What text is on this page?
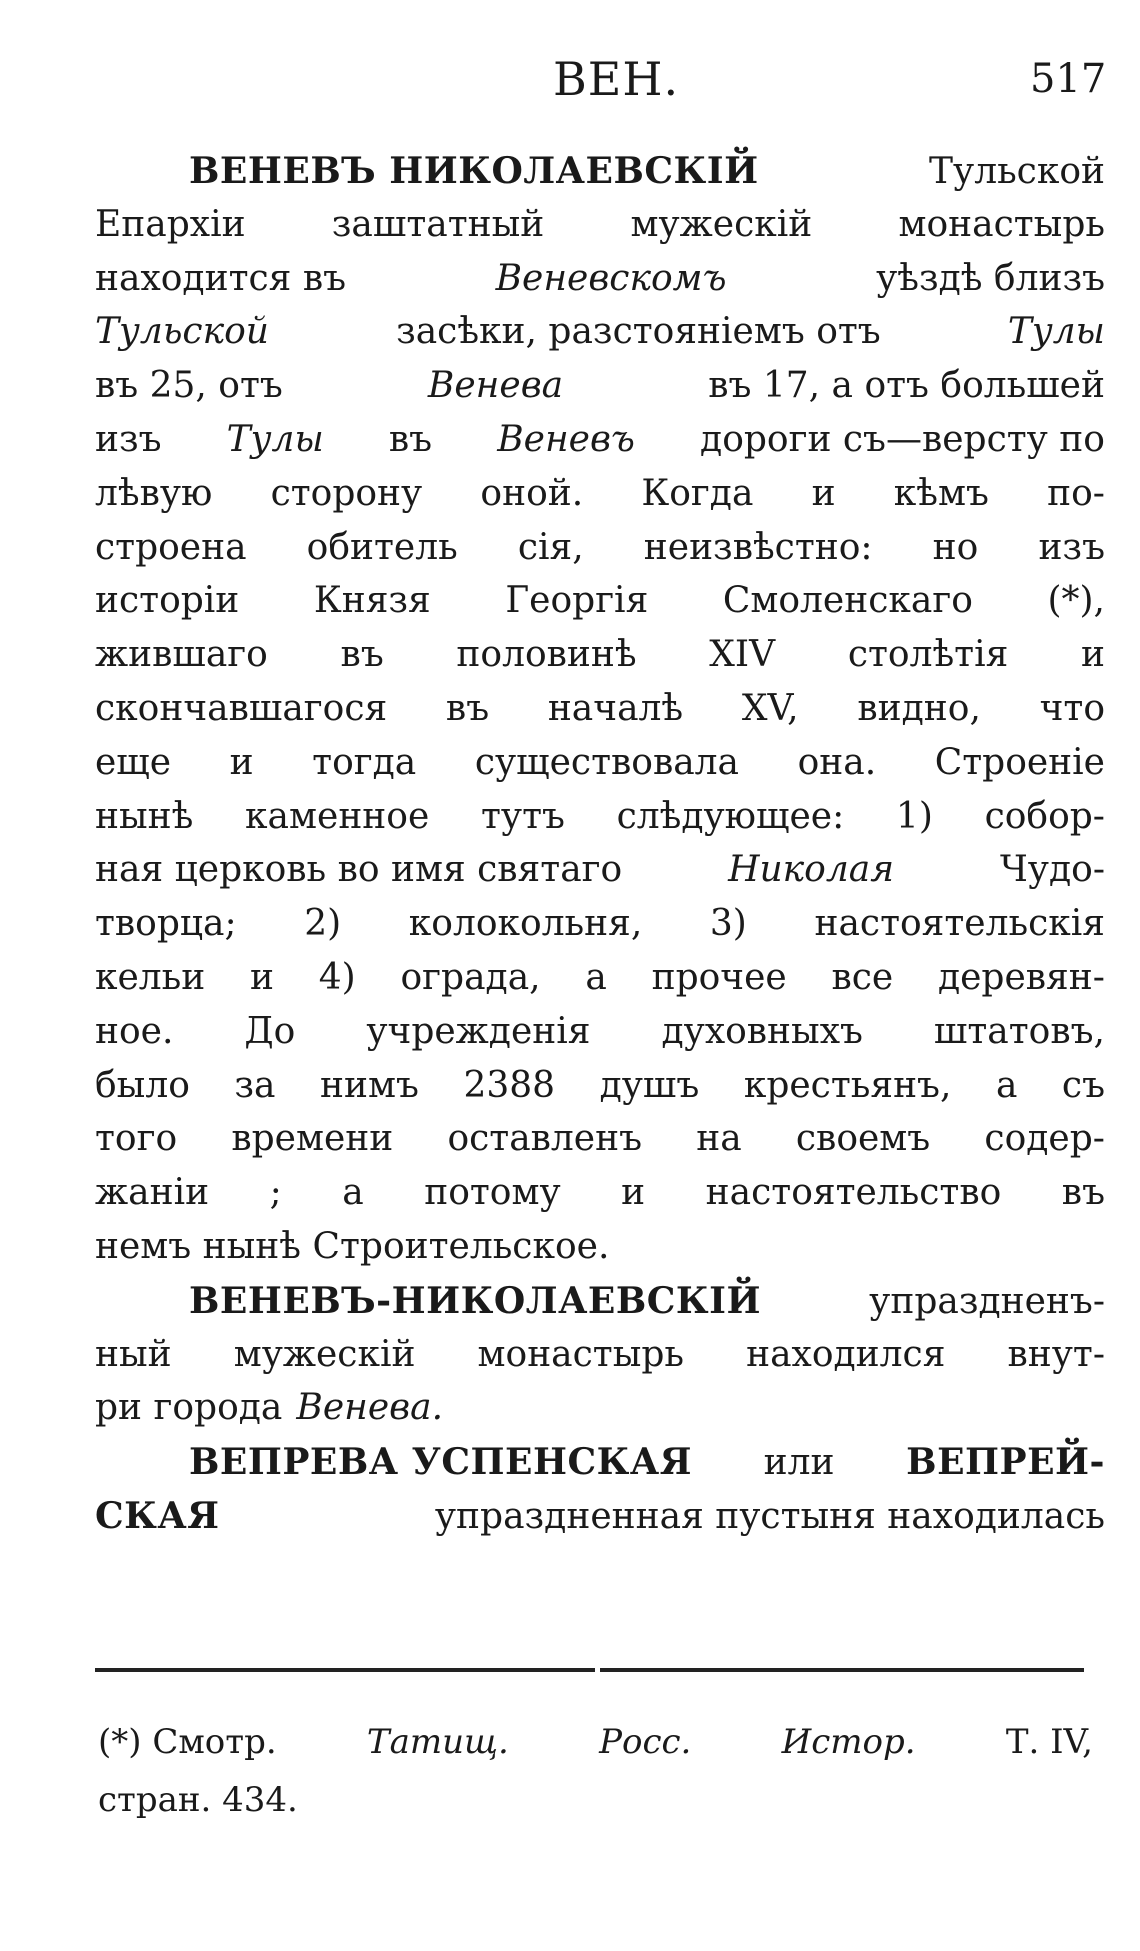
ВЕН.	517
ВЕНЕВЪ НИКОЛАЕВСКІЙ	Тульской
Епархіи заштатный мужескій монастырь
находится въ	Веневскомъ	уѣздѣ близъ
Тульской	засѣки, разстояніемъ отъ	Тулы
въ 25, отъ	Венева	въ 17, а отъ большей
изъ Тулы въ Веневъ дороги съ—версту по
лѣвую сторону оной. Когда и кѣмъ по-
строена обитель сія, неизвѣстно: но изъ
исторіи Князя Георгія Смоленскаго (*),
жившаго въ половинѣ XIV столѣтія и
скончавшагося въ началѣ XV, видно, что
еще и тогда существовала она. Строеніе
нынѣ каменное тутъ слѣдующее: 1) собор-
ная церковь во имя святаго	Николая	Чудо-
творца; 2) колокольня, 3) настоятельскія
кельи и 4) ограда, а прочее все деревян-
ное. До учрежденія духовныхъ штатовъ,
было за нимъ 2388 душъ крестьянъ, а съ
того времени оставленъ на своемъ содер-
жаніи ; а потому и настоятельство въ
немъ нынѣ Строительское.
ВЕНЕВЪ-НИКОЛАЕВСКІЙ	упраздненъ-
ный мужескій монастырь находился внут-
ри города Венева.
ВЕПРЕВА УСПЕНСКАЯ или ВЕПРЕЙ-
СКАЯ	упраздненная пустыня находилась
(*) Смотр.	Татищ.	Росс.	Истор.	Т. IV,
стран. 434.
